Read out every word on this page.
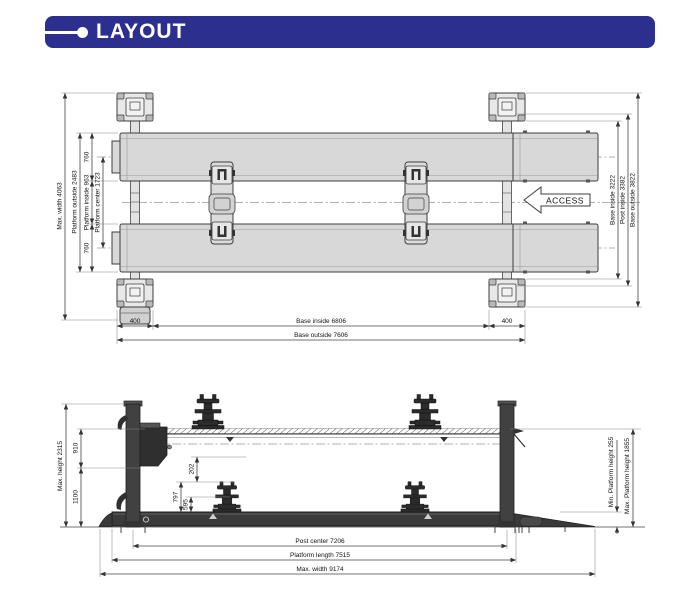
LAYOUT
ACCESS
Max. width 4063 Platform outside 2483
760
Platform inside 963
760
Platform center 1723	Base inside 3222 Post inside 3382 Base outside 3822
400	Base inside 6806	400
Base outside 7606
Max. height 2315 910
1100
202
797
595	Min. Platform height 255 Max. Platform height 1855
Post center 7206
Platform length 7515
Max. width 9174
